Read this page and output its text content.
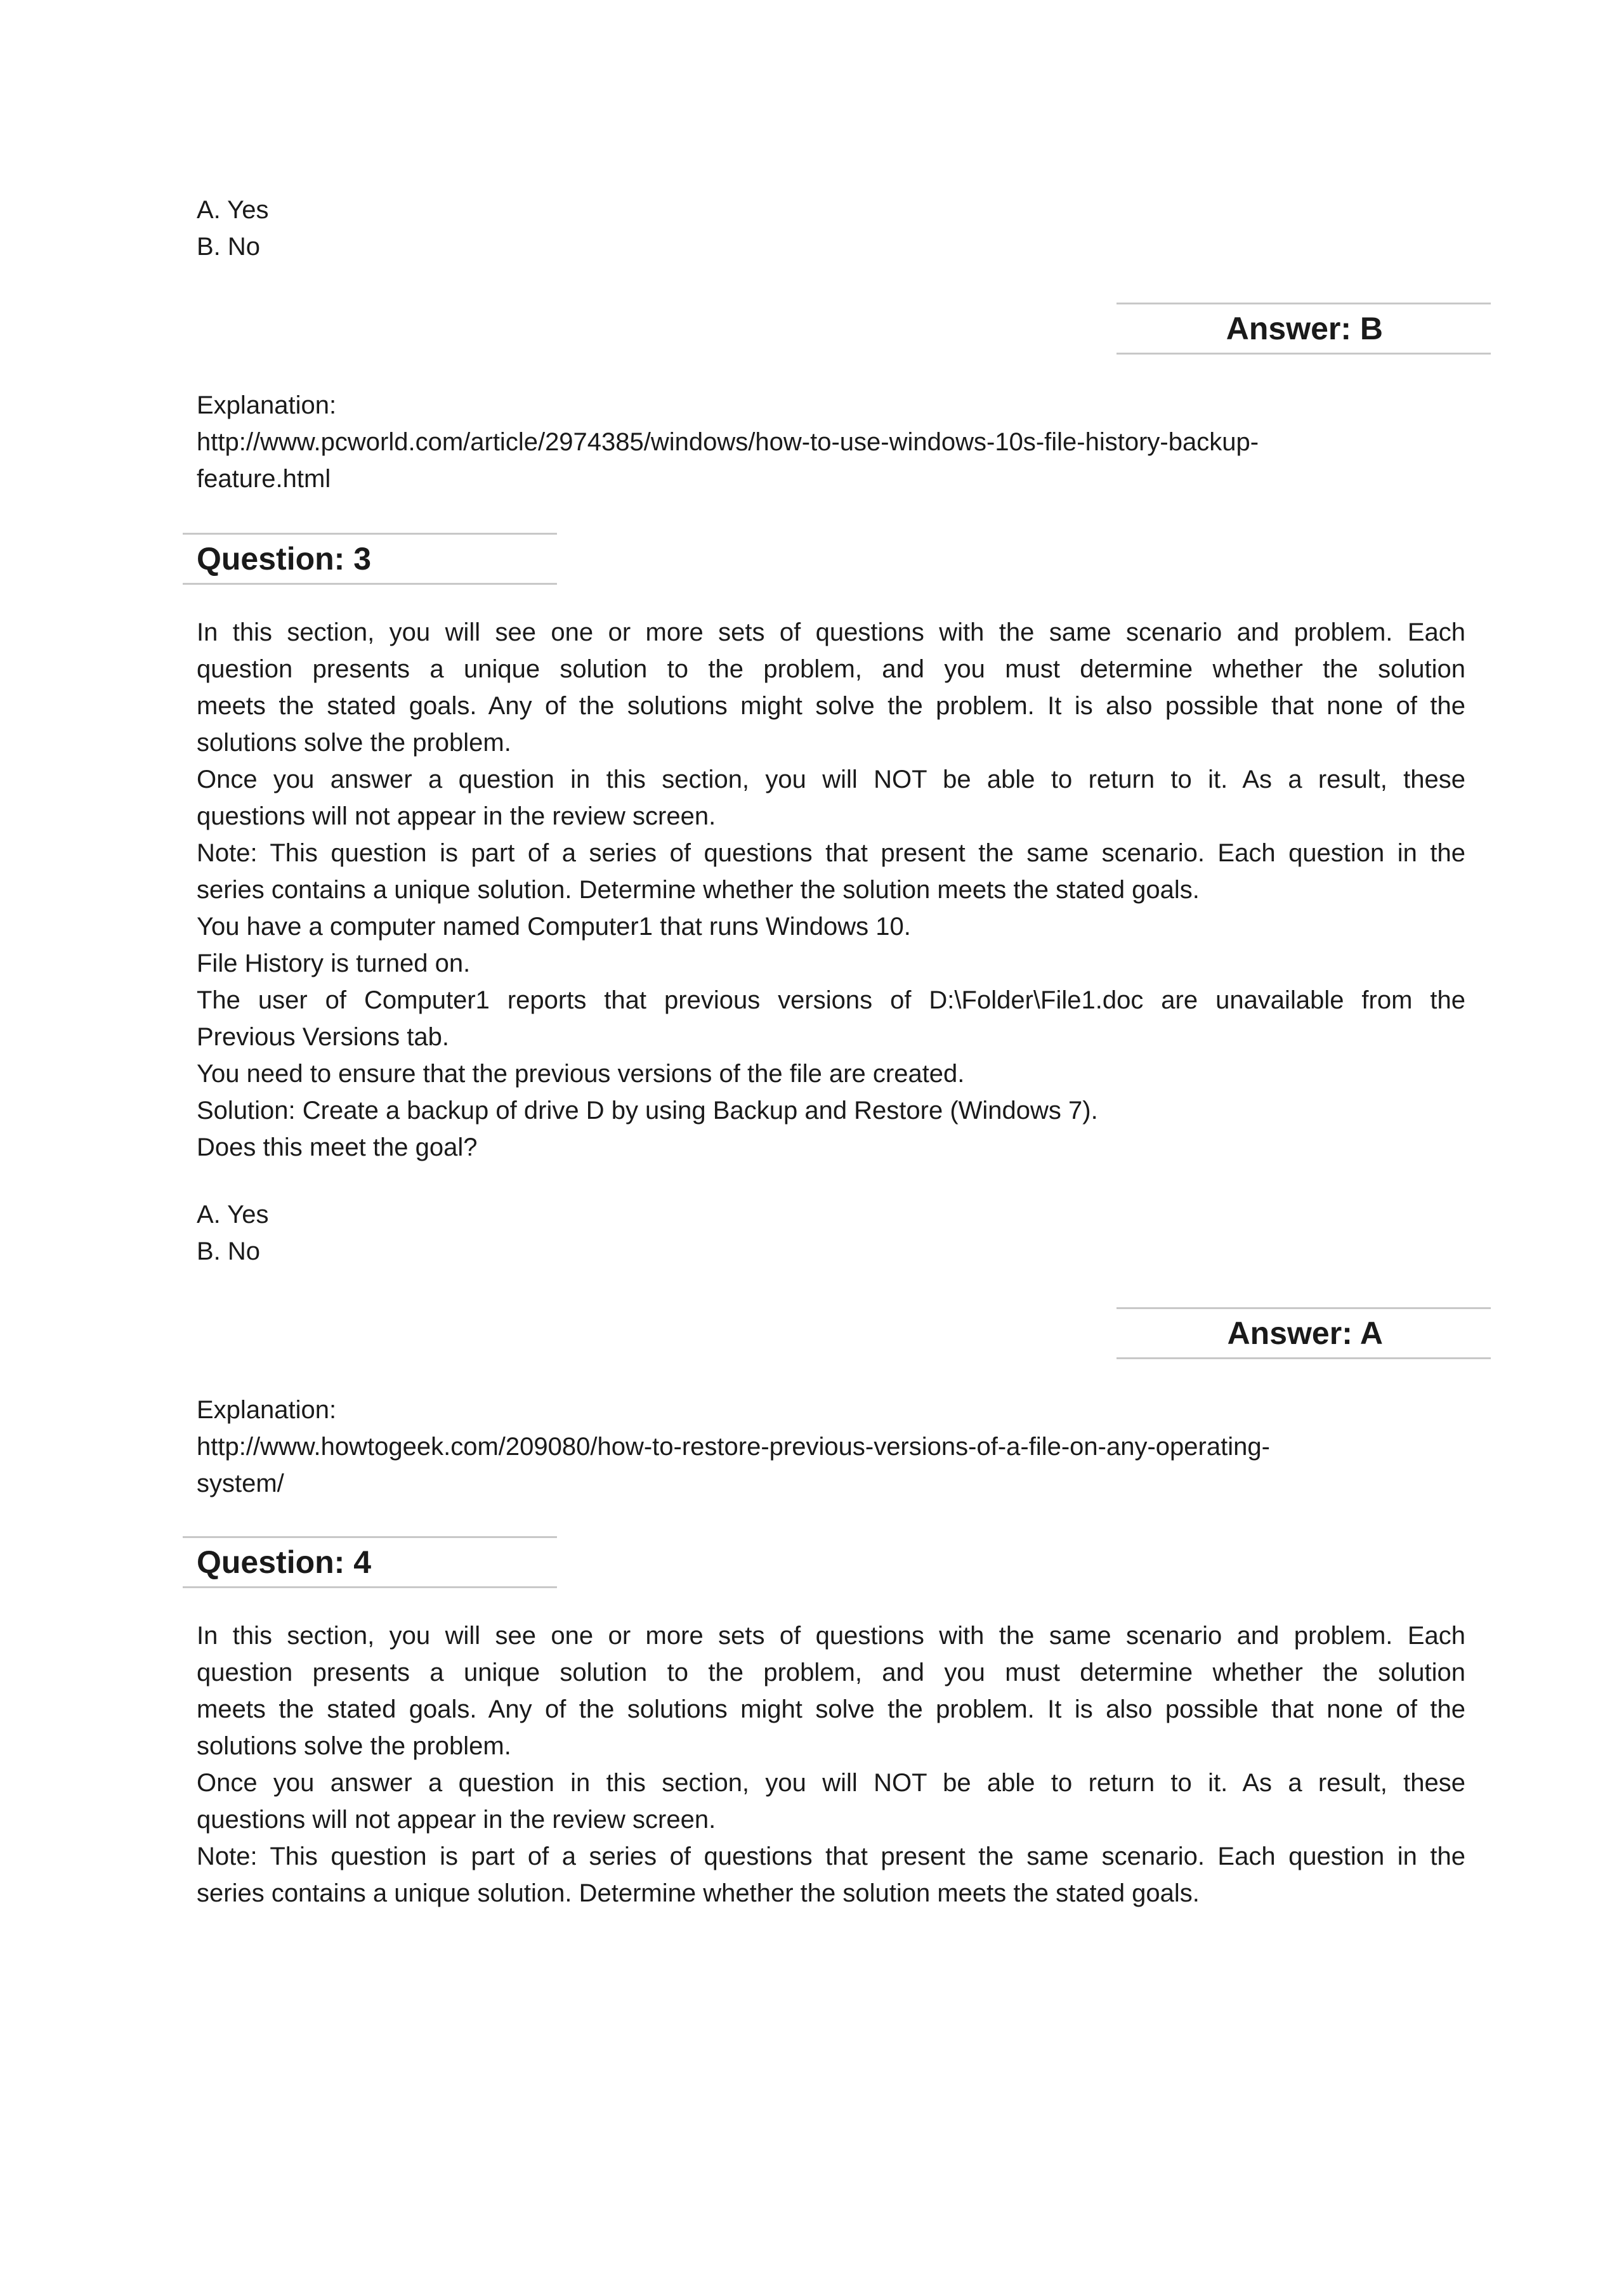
A. Yes
B. No
Answer: B
Explanation:
http://www.pcworld.com/article/2974385/windows/how-to-use-windows-10s-file-history-backup-
feature.html
Question: 3
In this section, you will see one or more sets of questions with the same scenario and problem. Each
question presents a unique solution to the problem, and you must determine whether the solution
meets the stated goals. Any of the solutions might solve the problem. It is also possible that none of the
solutions solve the problem.
Once you answer a question in this section, you will NOT be able to return to it. As a result, these
questions will not appear in the review screen.
Note: This question is part of a series of questions that present the same scenario. Each question in the
series contains a unique solution. Determine whether the solution meets the stated goals.
You have a computer named Computer1 that runs Windows 10.
File History is turned on.
The user of Computer1 reports that previous versions of D:\Folder\File1.doc are unavailable from the
Previous Versions tab.
You need to ensure that the previous versions of the file are created.
Solution: Create a backup of drive D by using Backup and Restore (Windows 7).
Does this meet the goal?
A. Yes
B. No
Answer: A
Explanation:
http://www.howtogeek.com/209080/how-to-restore-previous-versions-of-a-file-on-any-operating-
system/
Question: 4
In this section, you will see one or more sets of questions with the same scenario and problem. Each
question presents a unique solution to the problem, and you must determine whether the solution
meets the stated goals. Any of the solutions might solve the problem. It is also possible that none of the
solutions solve the problem.
Once you answer a question in this section, you will NOT be able to return to it. As a result, these
questions will not appear in the review screen.
Note: This question is part of a series of questions that present the same scenario. Each question in the
series contains a unique solution. Determine whether the solution meets the stated goals.
